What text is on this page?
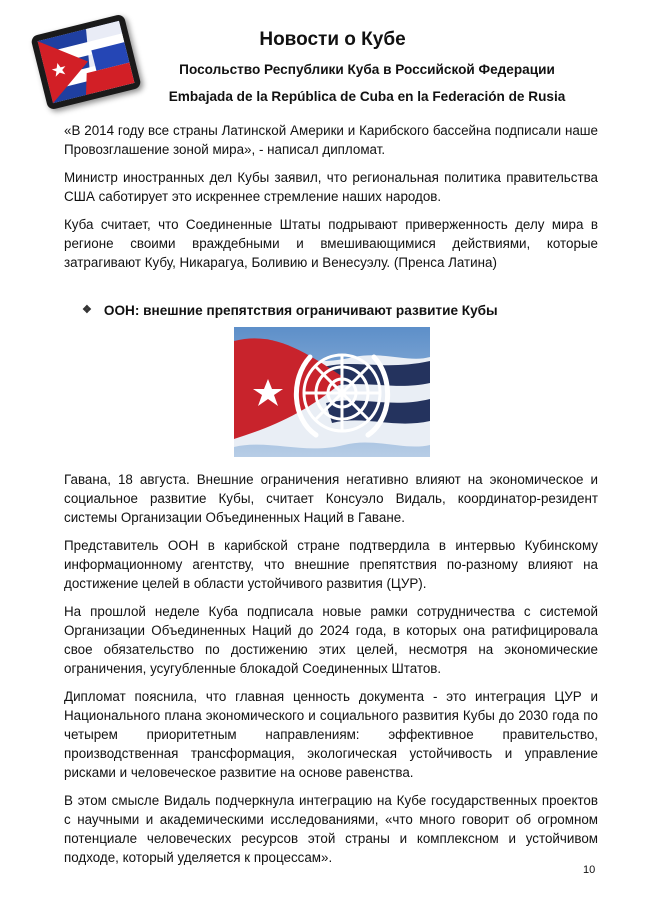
Новости о Кубе
Посольство Республики Куба в Российской Федерации
Embajada de la República de Cuba en la Federación de Rusia

«В 2014 году все страны Латинской Америки и Карибского бассейна подписали наше Провозглашение зоной мира», - написал дипломат.

Министр иностранных дел Кубы заявил, что региональная политика правительства США саботирует это искреннее стремление наших народов.

Куба считает, что Соединенные Штаты подрывают приверженность делу мира в регионе своими враждебными и вмешивающимися действиями, которые затрагивают Кубу, Никарагуа, Боливию и Венесуэлу. (Пренса Латина)

❖ ООН: внешние препятствия ограничивают развитие Кубы

Гавана, 18 августа. Внешние ограничения негативно влияют на экономическое и социальное развитие Кубы, считает Консуэло Видаль, координатор-резидент системы Организации Объединенных Наций в Гаване.

Представитель ООН в карибской стране подтвердила в интервью Кубинскому информационному агентству, что внешние препятствия по-разному влияют на достижение целей в области устойчивого развития (ЦУР).

На прошлой неделе Куба подписала новые рамки сотрудничества с системой Организации Объединенных Наций до 2024 года, в которых она ратифицировала свое обязательство по достижению этих целей, несмотря на экономические ограничения, усугубленные блокадой Соединенных Штатов.

Дипломат пояснила, что главная ценность документа - это интеграция ЦУР и Национального плана экономического и социального развития Кубы до 2030 года по четырем приоритетным направлениям: эффективное правительство, производственная трансформация, экологическая устойчивость и управление рисками и человеческое развитие на основе равенства.

В этом смысле Видаль подчеркнула интеграцию на Кубе государственных проектов с научными и академическими исследованиями, «что много говорит об огромном потенциале человеческих ресурсов этой страны и комплексном и устойчивом подходе, который уделяется к процессам».

10
